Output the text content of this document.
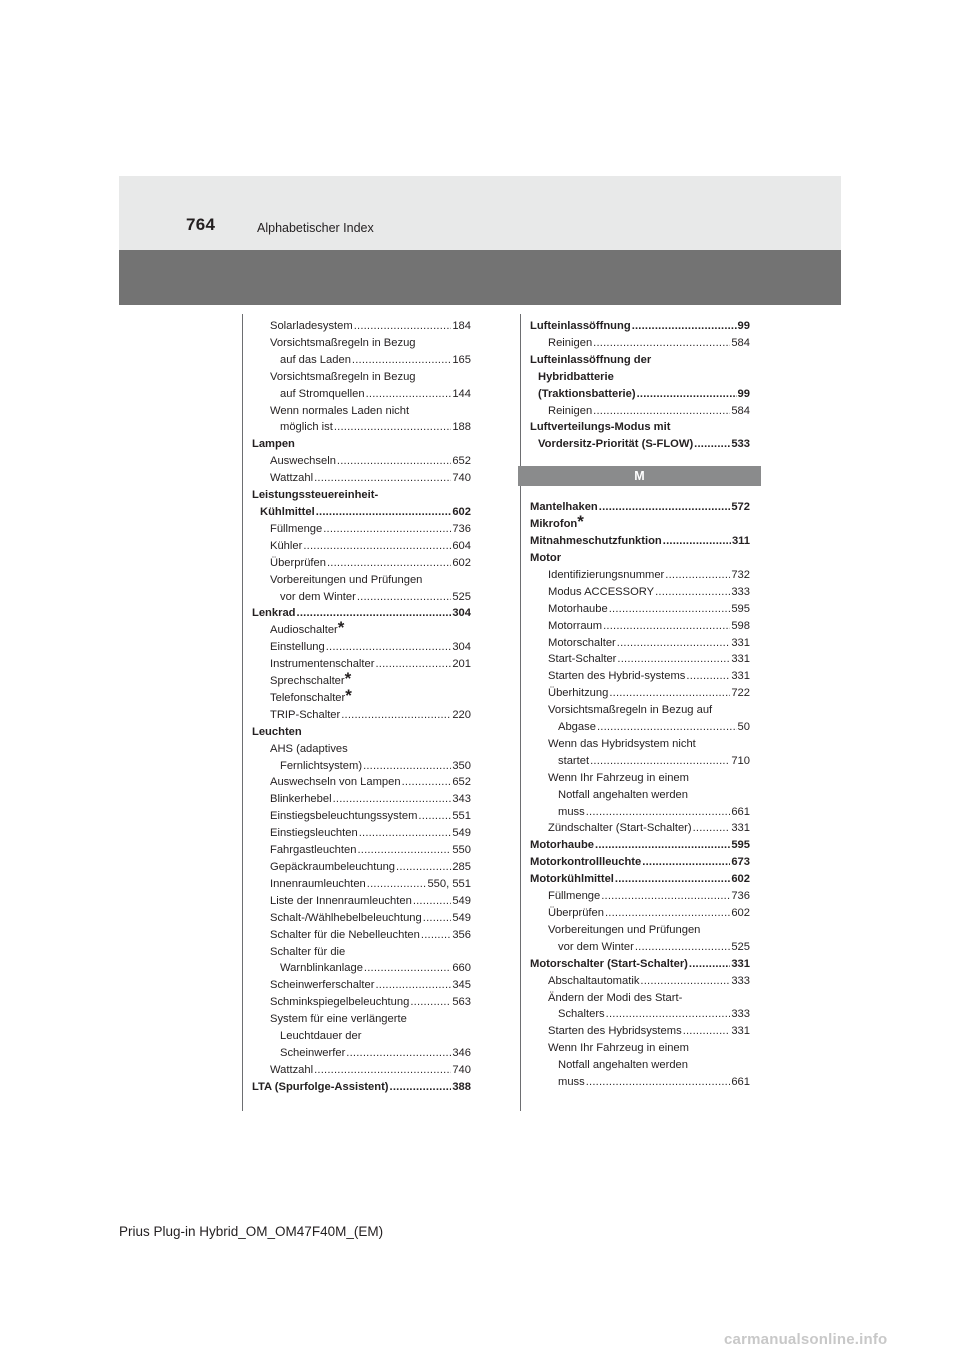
764	Alphabetischer Index
Solarladesystem .....	184
Vorsichtsmaßregeln in Bezug
auf das Laden .....	165
Vorsichtsmaßregeln in Bezug
auf Stromquellen .....	144
Wenn normales Laden nicht
möglich ist .....	188
Lampen
Auswechseln .....	652
Wattzahl .....	740
Leistungssteuereinheit-
Kühlmittel .....	602
Füllmenge .....	736
Kühler .....	604
Überprüfen .....	602
Vorbereitungen und Prüfungen
vor dem Winter .....	525
Lenkrad .....	304
Audioschalter *
Einstellung .....	304
Instrumentenschalter .....	201
Sprechschalter *
Telefonschalter *
TRIP-Schalter .....	220
Leuchten
AHS (adaptives
Fernlichtsystem) .....	350
Auswechseln von Lampen .....	652
Blinkerhebel .....	343
Einstiegsbeleuchtungssystem .....	551
Einstiegsleuchten .....	549
Fahrgastleuchten .....	550
Gepäckraumbeleuchtung .....	285
Innenraumleuchten .....	550, 551
Liste der Innenraumleuchten .....	549
Schalt-/Wählhebelbeleuchtung .....	549
Schalter für die Nebelleuchten .....	356
Schalter für die
Warnblinkanlage .....	660
Scheinwerferschalter .....	345
Schminkspiegelbeleuchtung .....	563
System für eine verlängerte
Leuchtdauer der
Scheinwerfer .....	346
Wattzahl .....	740
LTA (Spurfolge-Assistent) .....	388
Lufteinlassöffnung .....	99
Reinigen .....	584
Lufteinlassöffnung der
Hybridbatterie
(Traktionsbatterie) .....	99
Reinigen .....	584
Luftverteilungs-Modus mit
Vordersitz-Priorität (S-FLOW) .....	533
M
Mantelhaken .....	572
Mikrofon *
Mitnahmeschutzfunktion .....	311
Motor
Identifizierungsnummer .....	732
Modus ACCESSORY .....	333
Motorhaube .....	595
Motorraum .....	598
Motorschalter .....	331
Start-Schalter .....	331
Starten des Hybrid-systems .....	331
Überhitzung .....	722
Vorsichtsmaßregeln in Bezug auf
Abgase .....	50
Wenn das Hybridsystem nicht
startet .....	710
Wenn Ihr Fahrzeug in einem
Notfall angehalten werden
muss .....	661
Zündschalter (Start-Schalter) .....	331
Motorhaube .....	595
Motorkontrollleuchte .....	673
Motorkühlmittel .....	602
Füllmenge .....	736
Überprüfen .....	602
Vorbereitungen und Prüfungen
vor dem Winter .....	525
Motorschalter (Start-Schalter) .....	331
Abschaltautomatik .....	333
Ändern der Modi des Start-
Schalters .....	333
Starten des Hybridsystems .....	331
Wenn Ihr Fahrzeug in einem
Notfall angehalten werden
muss .....	661
Prius Plug-in Hybrid_OM_OM47F40M_(EM)
carmanualsonline.info
